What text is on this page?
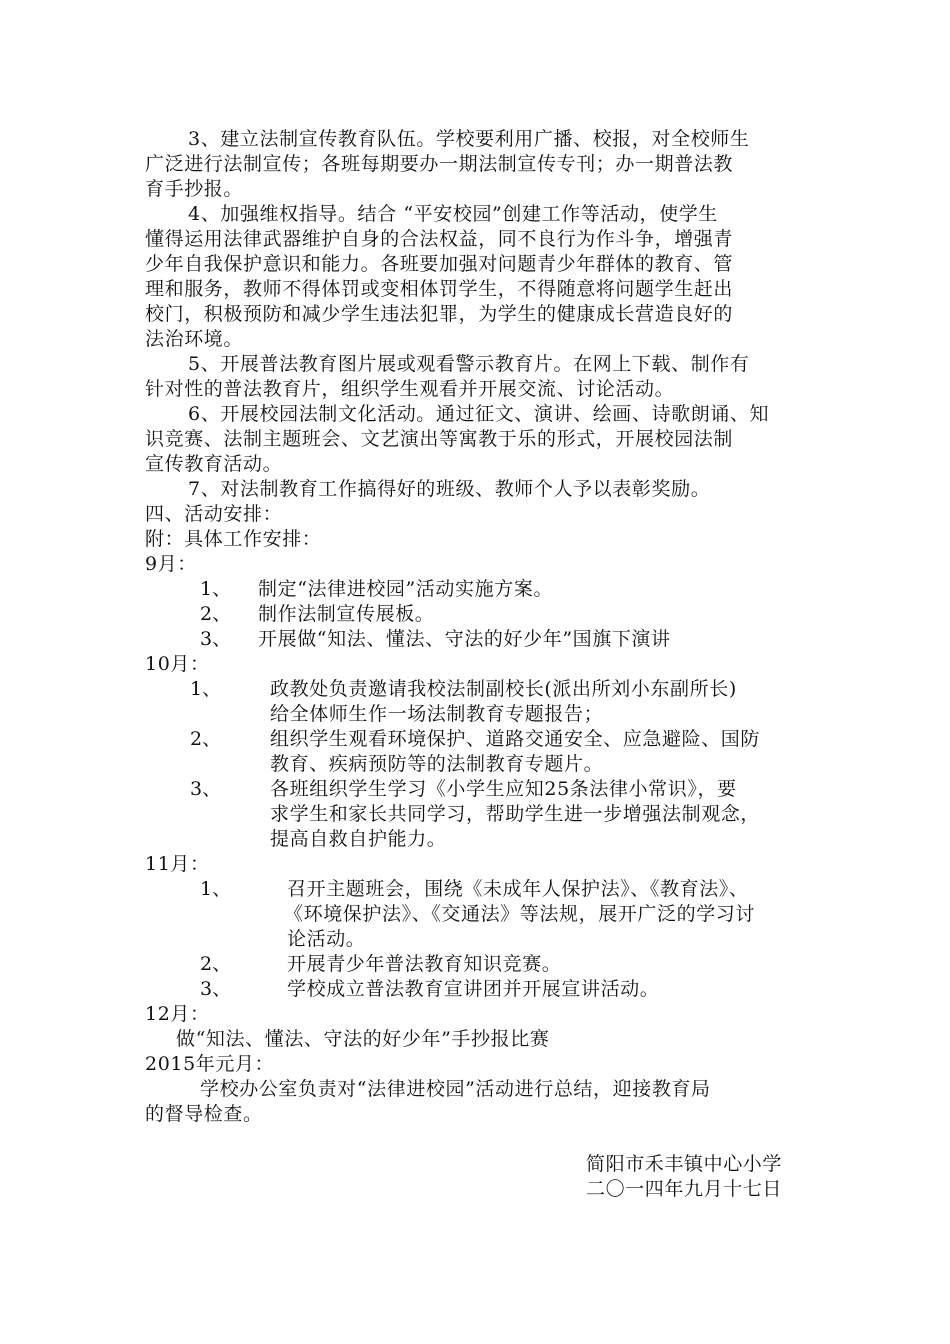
3、建立法制宣传教育队伍。学校要利用广播、校报，对全校师生
广泛进行法制宣传；各班每期要办一期法制宣传专刊；办一期普法教
育手抄报。
4、加强维权指导。结合 “平安校园”创建工作等活动，使学生
懂得运用法律武器维护自身的合法权益，同不良行为作斗争，增强青
少年自我保护意识和能力。各班要加强对问题青少年群体的教育、管
理和服务，教师不得体罚或变相体罚学生，不得随意将问题学生赶出
校门，积极预防和减少学生违法犯罪，为学生的健康成长营造良好的
法治环境。
5、开展普法教育图片展或观看警示教育片。在网上下载、制作有
针对性的普法教育片，组织学生观看并开展交流、讨论活动。
6、开展校园法制文化活动。通过征文、演讲、绘画、诗歌朗诵、知
识竞赛、法制主题班会、文艺演出等寓教于乐的形式，开展校园法制
宣传教育活动。
7、对法制教育工作搞得好的班级、教师个人予以表彰奖励。
四、活动安排：
附：具体工作安排：
9月：
1、 制定“法律进校园”活动实施方案。
2、 制作法制宣传展板。
3、 开展做“知法、懂法、守法的好少年”国旗下演讲
10月：
1、	政教处负责邀请我校法制副校长(派出所刘小东副所长)
给全体师生作一场法制教育专题报告；
2、	组织学生观看环境保护、道路交通安全、应急避险、国防
教育、疾病预防等的法制教育专题片。
3、	各班组织学生学习《小学生应知25条法律小常识》，要
求学生和家长共同学习，帮助学生进一步增强法制观念，
提高自救自护能力。
11月：
1、	召开主题班会，围绕《未成年人保护法》、《教育法》、
《环境保护法》、《交通法》等法规，展开广泛的学习讨
论活动。
2、	开展青少年普法教育知识竞赛。
3、	学校成立普法教育宣讲团并开展宣讲活动。
12月：
做“知法、懂法、守法的好少年”手抄报比赛
2015年元月：
学校办公室负责对“法律进校园”活动进行总结，迎接教育局
的督导检查。
简阳市禾丰镇中心小学
二〇一四年九月十七日
